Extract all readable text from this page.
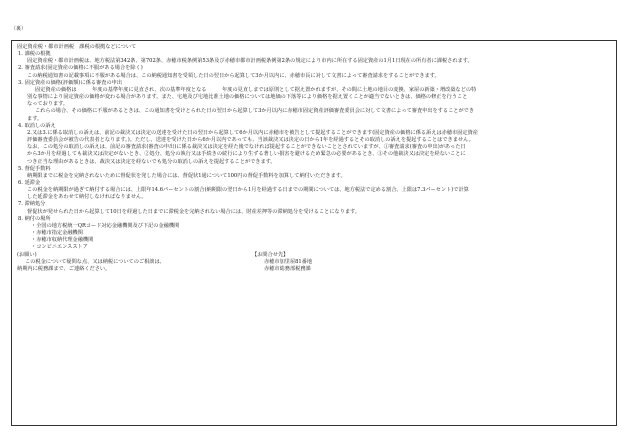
（裏）

固定資産税・都市計画税　課税の根拠などについて

1. 課税の根拠

固定資産税・都市計画税は、地方税法第342条、第702条、赤穂市税条例第53条及び赤穂市都市計画税条例第2条の規定により市内に所在する固定資産の1月1日現在の所有者に課税されます。

2. 審査請求(固定資産の価格に不服がある場合を除く)

この納税通知書の記載事項に不服がある場合は、この納税通知書を受領した日の翌日から起算して3か月以内に、赤穂市長に対して文書によって審査請求をすることができます。

3. 固定資産の価格(評価額)に係る審査の申出

固定資産の価格は　　　年度の基準年度に見直され、次の基準年度となる　　　年度の見直しまでは原則として据え置かれますが、その間に土地の地目の変換、家屋の新築・増改築などの特

別な事情により固定資産の価格が変わる場合があります。また、宅地及び宅地比准土地の価格については地価の下落等により価格を据え置くことが適当でないときは、価格の修正を行うこと

なっております。

これらの場合、その価格に不服があるときは、この通知書を受けとられた日の翌日から起算して3か月以内に赤穂市固定資産評価審査委員会に対して文書によって審査申出をすることができ

ます。

4. 取消しの訴え

2.又は3.に係る取消しの訴えは、前記の裁決又は決定の送達を受けた日の翌日から起算して6か月以内に赤穂市を被告として提起することができます(固定資産の価格に係る訴えは赤穂市固定資産

評価審査委員会が被告の代表者となります。)。ただし、送達を受けた日から6か月以内であっても、当該裁決又は決定の日から1年を経過するとその取消しの訴えを提起することはできません。

なお、この処分の取消しの訴えは、前記の審査請求(審査の申出)に係る裁決又は決定を経た後でなければ提起することができないこととされていますが、①審査請求(審査の申出)があった日

から3か月を経過しても裁決又は決定がないとき、②処分、処分の執行又は手続きの続行により生ずる著しい損害を避けるため緊急の必要があるとき、③その他裁決又は決定を経ないことに

つき正当な理由があるときは、裁決又は決定を経ないでも処分の取消しの訴えを提起することができます。

5. 督促手数料

納期限までに税金を完納されないために督促状を発した場合には、督促状1通について100円の督促手数料を加算して納付いただきます。

6. 延滞金

この税金を納期限が過ぎて納付する場合には、上限年14.6パーセントの割合(納期限の翌日から1月を経過する日までの期間については、地方税法で定める割合、上限は7.3パーセント)で計算

した延滞金をあわせて納付しなければなりません。

7. 滞納処分

督促状が発せられた日から起算して10日を経過した日までに滞税金を完納されない場合には、財産差押等の滞納処分を受けることになります。

8. 納付の場所

・全国の地方税統一QRコード対応金融機関及び下記の金融機関

・赤穂市指定金融機関

・赤穂市収納代理金融機関

・コンビニエンスストア

(お願い)

この税金について疑問な点、又は納税についてのご相談は、

納期内に税務課まで、ご連絡ください。

【お問合せ先】

赤穂市加里屋81番地

赤穂市総務部税務課
